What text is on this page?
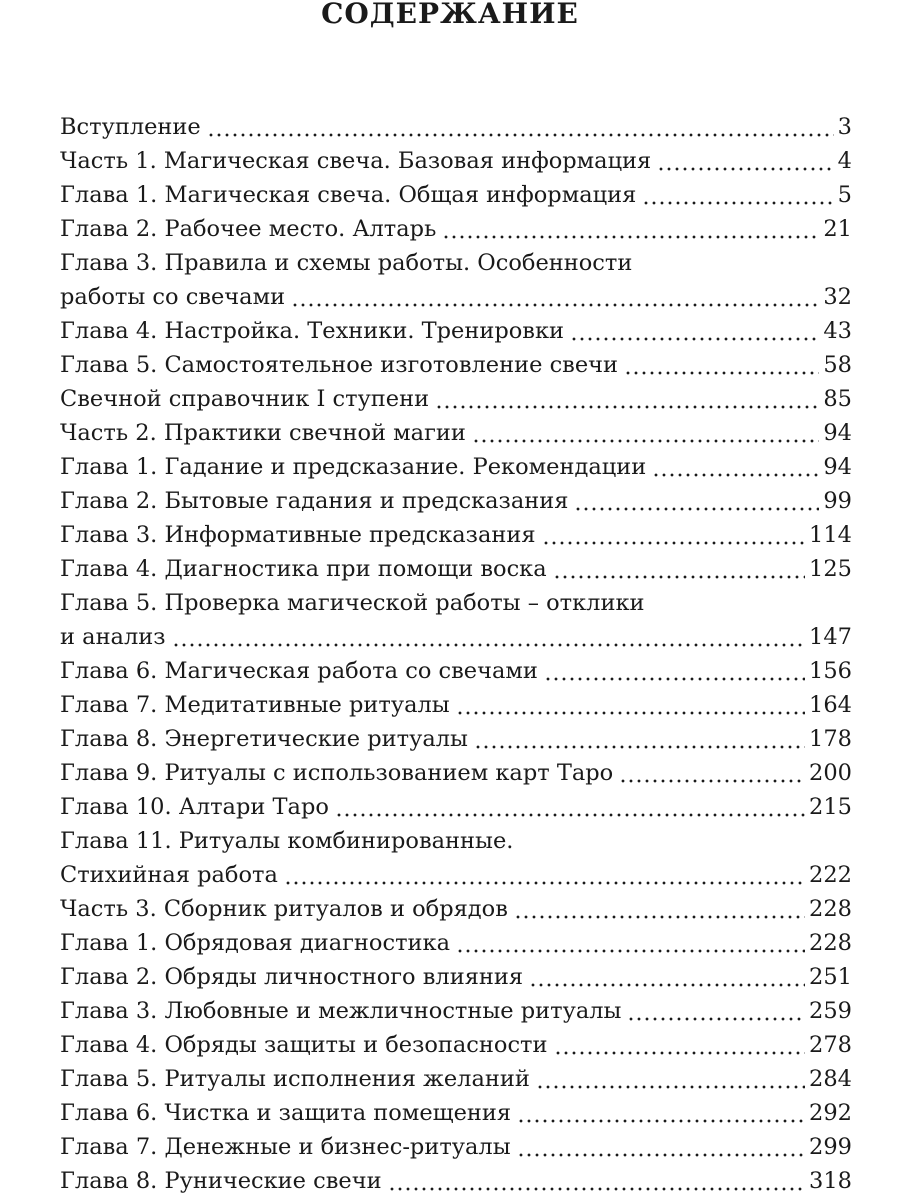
СОДЕРЖАНИЕ
Вступление	3
Часть 1. Магическая свеча. Базовая информация	4
Глава 1. Магическая свеча. Общая информация	5
Глава 2. Рабочее место. Алтарь	21
Глава 3. Правила и схемы работы. Особенности
работы со свечами	32
Глава 4. Настройка. Техники. Тренировки	43
Глава 5. Самостоятельное изготовление свечи	58
Свечной справочник I ступени	85
Часть 2. Практики свечной магии	94
Глава 1. Гадание и предсказание. Рекомендации	94
Глава 2. Бытовые гадания и предсказания	99
Глава 3. Информативные предсказания	114
Глава 4. Диагностика при помощи воска	125
Глава 5. Проверка магической работы – отклики
и анализ	147
Глава 6. Магическая работа со свечами	156
Глава 7. Медитативные ритуалы	164
Глава 8. Энергетические ритуалы	178
Глава 9. Ритуалы с использованием карт Таро	200
Глава 10. Алтари Таро	215
Глава 11. Ритуалы комбинированные.
Стихийная работа	222
Часть 3. Сборник ритуалов и обрядов	228
Глава 1. Обрядовая диагностика	228
Глава 2. Обряды личностного влияния	251
Глава 3. Любовные и межличностные ритуалы	259
Глава 4. Обряды защиты и безопасности	278
Глава 5. Ритуалы исполнения желаний	284
Глава 6. Чистка и защита помещения	292
Глава 7. Денежные и бизнес-ритуалы	299
Глава 8. Рунические свечи	318
